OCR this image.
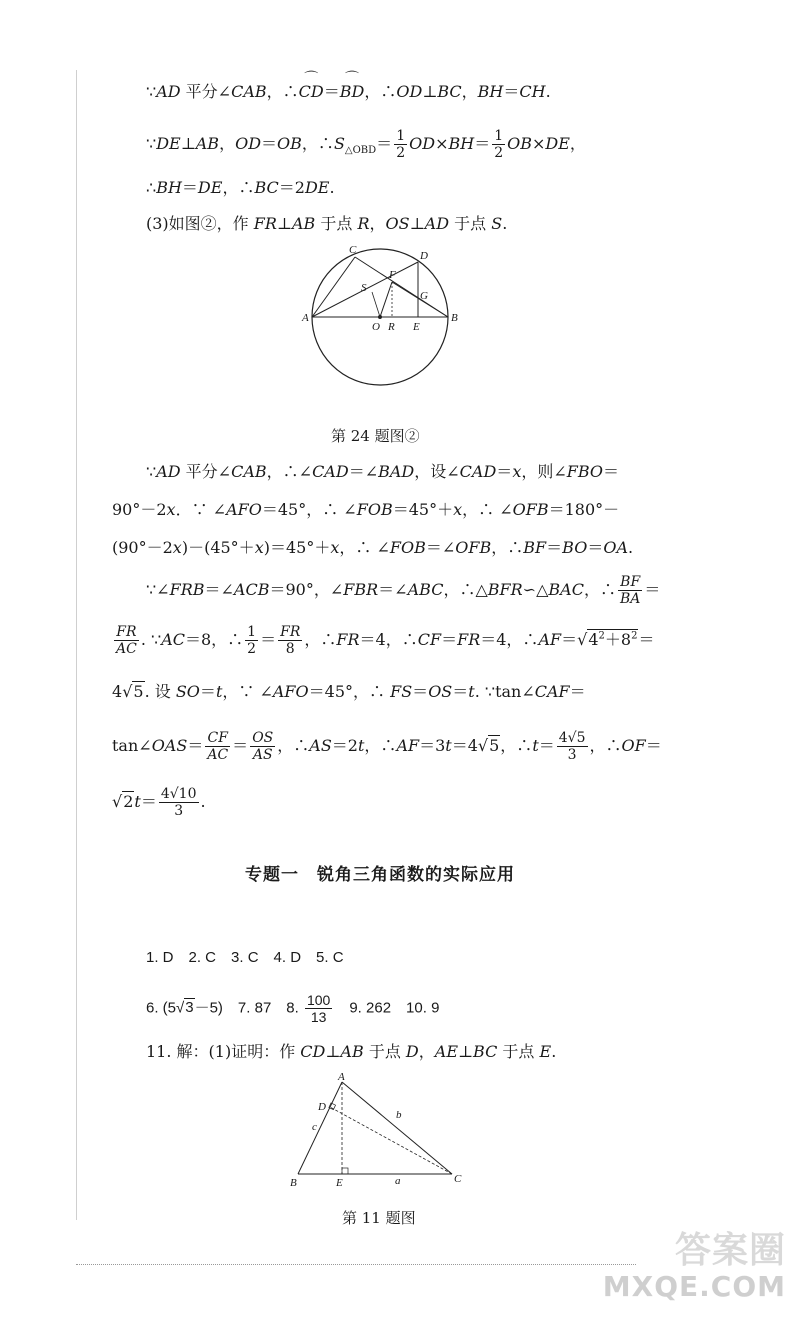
∵AD 平分∠CAB，∴⌒ CD＝⌒ BD，∴OD⊥BC，BH＝CH.
∵DE⊥AB，OD＝OB，$\therefore S_{\triangle OBD}= \frac{1}{2} OD\times BH= \frac{1}{2} OB\times DE$，
∴BH＝DE，∴BC＝2DE.
(3)如图②，作 FR⊥AB 于点 R，OS⊥AD 于点 S.
A	B
C	D
F
G
S
O R E
第 24 题图②
∵AD 平分∠CAB，∴∠CAD＝∠BAD，设∠CAD＝x，则∠FBO＝
90°－2x．∵ ∠AFO＝45°，∴ ∠FOB＝45°＋x，∴ ∠OFB＝180°－
(90°－2x)－(45°＋x)＝45°＋x，∴ ∠FOB＝∠OFB，∴BF＝BO＝OA.
∵∠FRB＝∠ACB＝90°，∠FBR＝∠ABC，∴△BFR∽△BAC，∴ $\frac{BF}{BA}$ ＝
$\frac{FR}{AC}$ . ∵AC＝8，∴ $\frac{1}{2} = \frac{FR}{8}$ ，∴FR＝4，∴CF＝FR＝4，$\therefore AF=√4^2+8^2=$
4√5. 设 SO＝t，∵ ∠AFO＝45°，∴ FS＝OS＝t. ∵tan∠CAF＝
tan∠OAS＝ $\frac{CF}{AC} = \frac{OS}{AS}$ ，∴AS＝2t，∴AF＝3t＝4√5，∴t＝ $\frac{4√5}{3}$ ，∴OF＝
$√2t= \frac{4√10}{3}$ .
专题一　锐角三角函数的实际应用
1. D　2. C　3. C　4. D　5. C
6. (5√3－5)　7. 87　8. $\frac{100}{13}$ 　9. 262　10. 9
11. 解：(1)证明：作 CD⊥AB 于点 D，AE⊥BC 于点 E.
A
B	C
D
E	a
b
c
第 11 题图
答案圈
MXQE.COM
